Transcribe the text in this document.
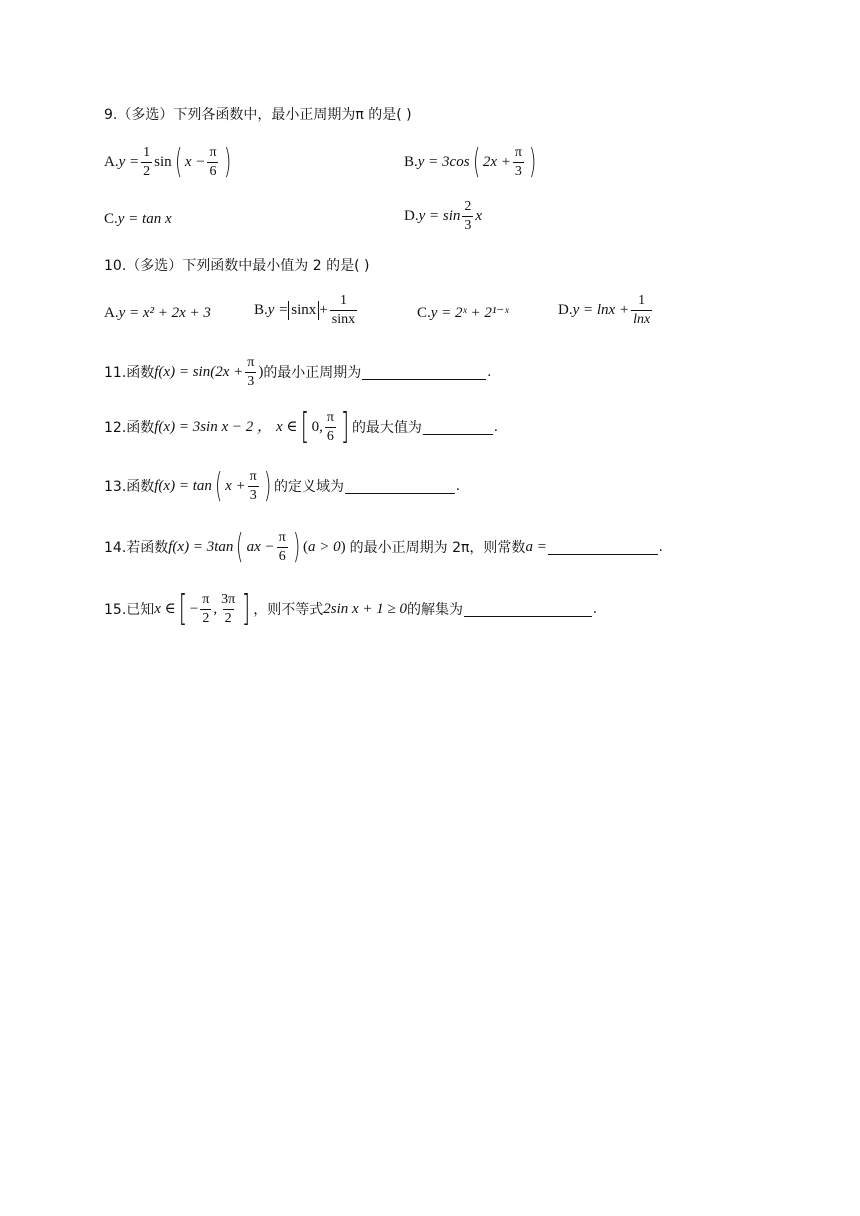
9.（多选）下列各函数中，最小正周期为π 的是( )
A. $y = \frac{1}{2}$ sin ( $x - \frac{\pi}{6}$ )	B. y = 3cos ( $2x + \frac{\pi}{3}$ )
C. y = tan x	D. $y = \sin \frac{2}{3}$ x
10.（多选）下列函数中最小值为 2 的是( )
A. y = x² + 2x + 3	B. $y = \sin x + \frac{1}{\sin x}$	C. y = 2ˣ + 2¹⁻ˣ	D. $y = \ln x + \frac{1}{\ln x}$
11.函数 $f(x) = \sin(2x + \frac{\pi}{3}$ ) 的最小正周期为	.
12.函数 f(x) = 3sin x − 2 ， x ∈ [ 0, $\frac{\pi}{6}$ ] 的最大值为	.
13.函数 f(x) = tan ( $x + \frac{\pi}{3}$ ) 的定义域为	.
14.若函数 f(x) = 3tan ( ax − $\frac{\pi}{6}$ ) ( a > 0 ) 的最小正周期为 2π，则常数 a =	.
15.已知 x ∈ [ − $\frac{\pi}{2}$ , $\frac{3\pi}{2}$ ] ，则不等式 2sin x + 1 ≥ 0 的解集为	.
